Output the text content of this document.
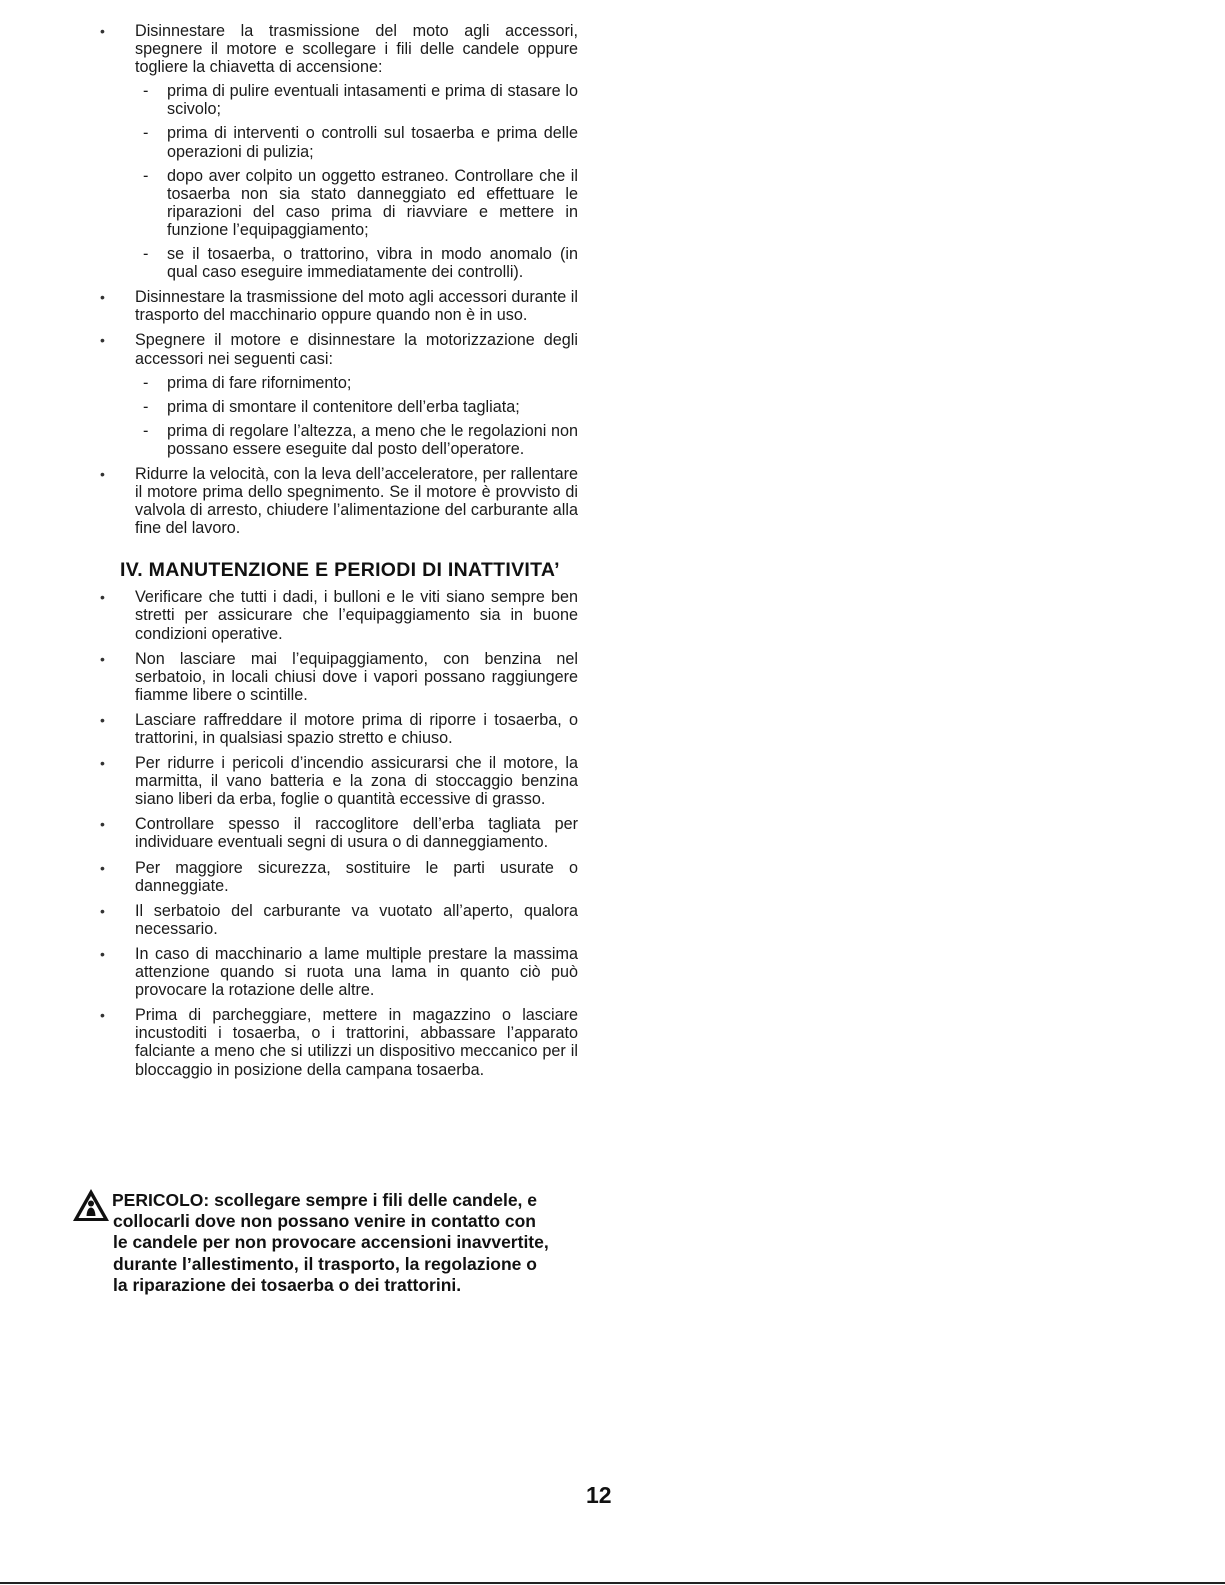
•	Disinnestare la trasmissione del moto agli accessori, spegnere il motore e scollegare i fili delle candele oppure togliere la chiavetta di accensione:
- prima di pulire eventuali intasamenti e prima di stasare lo scivolo;
- prima di interventi o controlli sul tosaerba e prima delle operazioni di pulizia;
- dopo aver colpito un oggetto estraneo. Controllare che il tosaerba non sia stato danneggiato ed effettuare le riparazioni del caso prima di riavviare e mettere in funzione l’equipaggiamento;
- se il tosaerba, o trattorino, vibra in modo anomalo (in qual caso eseguire immediatamente dei controlli).
•	Disinnestare la trasmissione del moto agli accessori durante il trasporto del macchinario oppure quando non è in uso.
•	Spegnere il motore e disinnestare la motorizzazione degli accessori nei seguenti casi:
- prima di fare rifornimento;
- prima di smontare il contenitore dell’erba tagliata;
- prima di regolare l’altezza, a meno che le regolazioni non possano essere eseguite dal posto dell’operatore.
•	Ridurre la velocità, con la leva dell’acceleratore, per rallentare il motore prima dello spegnimento. Se il motore è provvisto di valvola di arresto, chiudere l’alimentazione del carburante alla fine del lavoro.
IV. MANUTENZIONE E PERIODI DI INATTIVITA’
•	Verificare che tutti i dadi, i bulloni e le viti siano sempre ben stretti per assicurare che l’equipaggiamento sia in buone condizioni operative.
•	Non lasciare mai l’equipaggiamento, con benzina nel serbatoio, in locali chiusi dove i vapori possano raggiungere fiamme libere o scintille.
•	Lasciare raffreddare il motore prima di riporre i tosaerba, o trattorini, in qualsiasi spazio stretto e chiuso.
•	Per ridurre i pericoli d’incendio assicurarsi che il motore, la marmitta, il vano batteria e la zona di stoccaggio benzina siano liberi da erba, foglie o quantità eccessive di grasso.
•	Controllare spesso il raccoglitore dell’erba tagliata per individuare eventuali segni di usura o di danneggiamento.
•	Per maggiore sicurezza, sostituire le parti usurate o danneggiate.
•	Il serbatoio del carburante va vuotato all’aperto, qualora necessario.
•	In caso di macchinario a lame multiple prestare la massima attenzione quando si ruota una lama in quanto ciò può provocare la rotazione delle altre.
•	Prima di parcheggiare, mettere in magazzino o lasciare incustoditi i tosaerba, o i trattorini, abbassare l’apparato falciante a meno che si utilizzi un dispositivo meccanico per il bloccaggio in posizione della campana tosaerba.
PERICOLO: scollegare sempre i fili delle candele, e
collocarli dove non possano venire in contatto con
le candele per non provocare accensioni inavvertite,
durante l’allestimento, il trasporto, la regolazione o
la riparazione dei tosaerba o dei trattorini.
12
